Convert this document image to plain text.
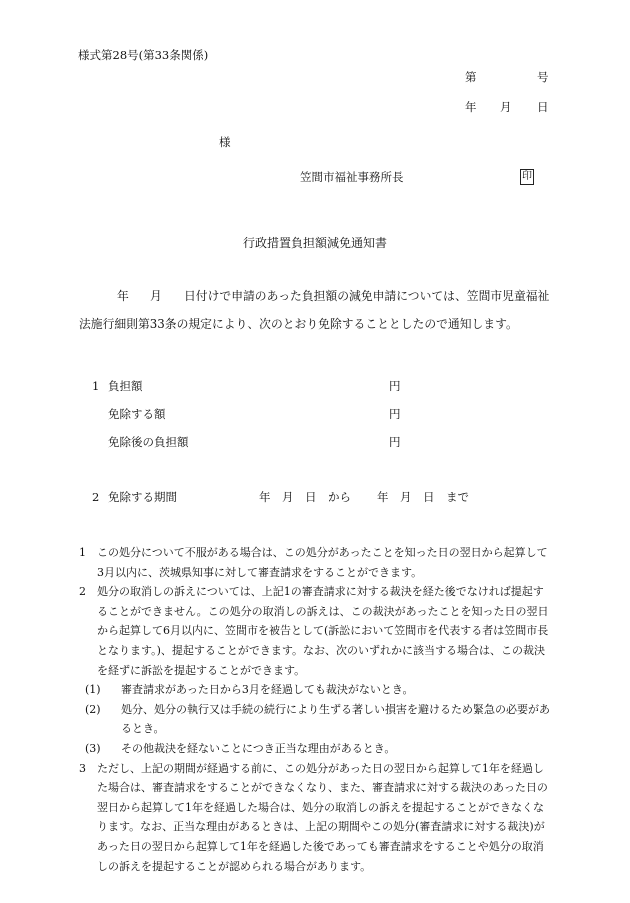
様式第28号(第33条関係)
第	号
年 月 日
様
笠間市福祉事務所長	印
行政措置負担額減免通知書
年 月 日付けで申請のあった負担額の減免申請については、笠間市児童福祉
法施行細則第33条の規定により、次のとおり免除することとしたので通知します。
1 負担額	円
免除する額	円
免除後の負担額	円
2 免除する期間	年　月　日　から 年　月　日　まで
1 この処分について不服がある場合は、この処分があったことを知った日の翌日から起算して3月以内に、茨城県知事に対して審査請求をすることができます。
2 処分の取消しの訴えについては、上記1の審査請求に対する裁決を経た後でなければ提起することができません。この処分の取消しの訴えは、この裁決があったことを知った日の翌日から起算して6月以内に、笠間市を被告として(訴訟において笠間市を代表する者は笠間市長となります。)、提起することができます。なお、次のいずれかに該当する場合は、この裁決を経ずに訴訟を提起することができます。
(1) 審査請求があった日から3月を経過しても裁決がないとき。
(2) 処分、処分の執行又は手続の続行により生ずる著しい損害を避けるため緊急の必要があるとき。
(3) その他裁決を経ないことにつき正当な理由があるとき。
3 ただし、上記の期間が経過する前に、この処分があった日の翌日から起算して1年を経過した場合は、審査請求をすることができなくなり、また、審査請求に対する裁決のあった日の翌日から起算して1年を経過した場合は、処分の取消しの訴えを提起することができなくなります。なお、正当な理由があるときは、上記の期間やこの処分(審査請求に対する裁決)があった日の翌日から起算して1年を経過した後であっても審査請求をすることや処分の取消しの訴えを提起することが認められる場合があります。
